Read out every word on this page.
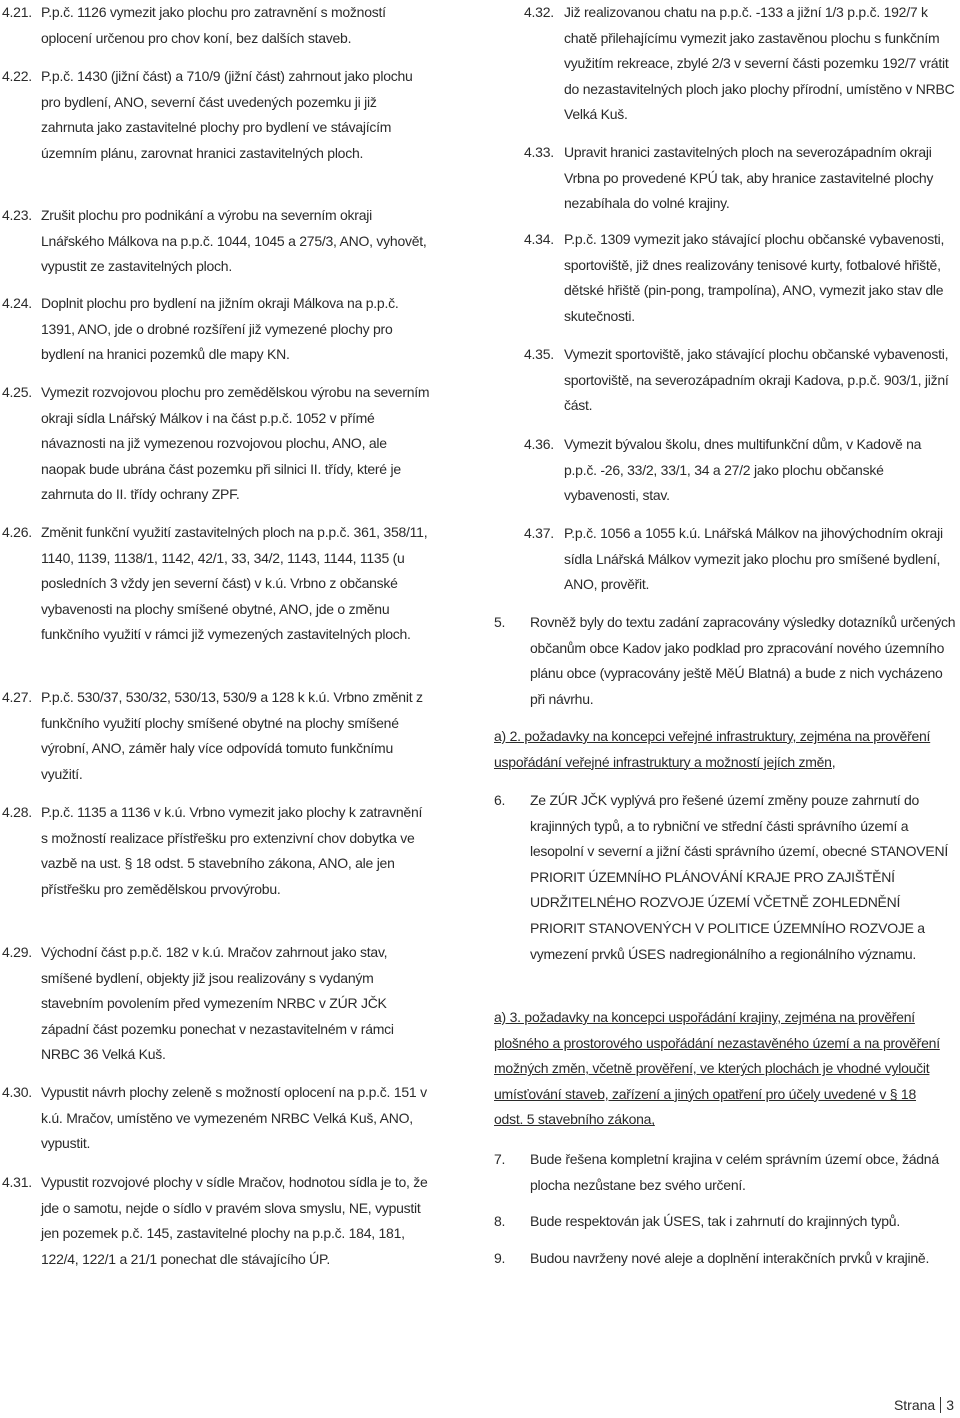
4.21. P.p.č. 1126 vymezit jako plochu pro zatravnění s možností oplocení určenou pro chov koní, bez dalších staveb.
4.22. P.p.č. 1430 (jižní část) a 710/9 (jižní část) zahrnout jako plochu pro bydlení, ANO, severní část uvedených pozemku ji již zahrnuta jako zastavitelné plochy pro bydlení ve stávajícím územním plánu, zarovnat hranici zastavitelných ploch.
4.23. Zrušit plochu pro podnikání a výrobu na severním okraji Lnářského Málkova na p.p.č. 1044, 1045 a 275/3, ANO, vyhovět, vypustit ze zastavitelných ploch.
4.24. Doplnit plochu pro bydlení na jižním okraji Málkova na p.p.č. 1391, ANO, jde o drobné rozšíření již vymezené plochy pro bydlení na hranici pozemků dle mapy KN.
4.25. Vymezit rozvojovou plochu pro zemědělskou výrobu na severním okraji sídla Lnářský Málkov i na část p.p.č. 1052 v přímé návaznosti na již vymezenou rozvojovou plochu, ANO, ale naopak bude ubrána část pozemku při silnici II. třídy, které je zahrnuta do II. třídy ochrany ZPF.
4.26. Změnit funkční využití zastavitelných ploch na p.p.č. 361, 358/11, 1140, 1139, 1138/1, 1142, 42/1, 33, 34/2, 1143, 1144, 1135 (u posledních 3 vždy jen severní část) v k.ú. Vrbno z občanské vybavenosti na plochy smíšené obytné, ANO, jde o změnu funkčního využití v rámci již vymezených zastavitelných ploch.
4.27. P.p.č. 530/37, 530/32, 530/13, 530/9 a 128 k k.ú. Vrbno změnit z funkčního využití plochy smíšené obytné na plochy smíšené výrobní, ANO, záměr haly více odpovídá tomuto funkčnímu využití.
4.28. P.p.č. 1135 a 1136 v k.ú. Vrbno vymezit jako plochy k zatravnění s možností realizace přístřešku pro extenzivní chov dobytka ve vazbě na ust. § 18 odst. 5 stavebního zákona, ANO, ale jen přístřešku pro zemědělskou prvovýrobu.
4.29. Východní část p.p.č. 182 v k.ú. Mračov zahrnout jako stav, smíšené bydlení, objekty již jsou realizovány s vydaným stavebním povolením před vymezením NRBC v ZÚR JČK západní část pozemku ponechat v nezastavitelném v rámci NRBC 36 Velká Kuš.
4.30. Vypustit návrh plochy zeleně s možností oplocení na p.p.č. 151 v k.ú. Mračov, umístěno ve vymezeném NRBC Velká Kuš, ANO, vypustit.
4.31. Vypustit rozvojové plochy v sídle Mračov, hodnotou sídla je to, že jde o samotu, nejde o sídlo v pravém slova smyslu, NE, vypustit jen pozemek p.č. 145, zastavitelné plochy na p.p.č. 184, 181, 122/4, 122/1 a 21/1 ponechat dle stávajícího ÚP.
4.32. Již realizovanou chatu na p.p.č. -133 a jižní 1/3 p.p.č. 192/7 k chatě přilehajícímu vymezit jako zastavěnou plochu s funkčním využitím rekreace, zbylé 2/3 v severní části pozemku 192/7 vrátit do nezastavitelných ploch jako plochy přírodní, umístěno v NRBC Velká Kuš.
4.33. Upravit hranici zastavitelných ploch na severozápadním okraji Vrbna po provedené KPÚ tak, aby hranice zastavitelné plochy nezabíhala do volné krajiny.
4.34. P.p.č. 1309 vymezit jako stávající plochu občanské vybavenosti, sportoviště, již dnes realizovány tenisové kurty, fotbalové hřiště, dětské hřiště (pin-pong, trampolína), ANO, vymezit jako stav dle skutečnosti.
4.35. Vymezit sportoviště, jako stávající plochu občanské vybavenosti, sportoviště, na severozápadním okraji Kadova, p.p.č. 903/1, jižní část.
4.36. Vymezit bývalou školu, dnes multifunkční dům, v Kadově na p.p.č. -26, 33/2, 33/1, 34 a 27/2 jako plochu občanské vybavenosti, stav.
4.37. P.p.č. 1056 a 1055 k.ú. Lnářská Málkov na jihovýchodním okraji sídla Lnářská Málkov vymezit jako plochu pro smíšené bydlení, ANO, prověřit.
5.	Rovněž byly do textu zadání zapracovány výsledky dotazníků určených občanům obce Kadov jako podklad pro zpracování nového územního plánu obce (vypracovány ještě MěÚ Blatná) a bude z nich vycházeno při návrhu.
a) 2. požadavky na koncepci veřejné infrastruktury, zejména na prověření uspořádání veřejné infrastruktury a možností jejích změn,
6.	Ze ZÚR JČK vyplývá pro řešené území změny pouze zahrnutí do krajinných typů, a to rybniční ve střední části správního území a lesopolní v severní a jižní části správního území, obecné STANOVENÍ PRIORIT ÚZEMNÍHO PLÁNOVÁNÍ KRAJE PRO ZAJIŠTĚNÍ UDRŽITELNÉHO ROZVOJE ÚZEMÍ VČETNĚ ZOHLEDNĚNÍ PRIORIT STANOVENÝCH V POLITICE ÚZEMNÍHO ROZVOJE a vymezení prvků ÚSES nadregionálního a regionálního významu.
a) 3. požadavky na koncepci uspořádání krajiny, zejména na prověření plošného a prostorového uspořádání nezastavěného území a na prověření možných změn, včetně prověření, ve kterých plochách je vhodné vyloučit umísťování staveb, zařízení a jiných opatření pro účely uvedené v § 18 odst. 5 stavebního zákona,
7.	Bude řešena kompletní krajina v celém správním území obce, žádná plocha nezůstane bez svého určení.
8.	Bude respektován jak ÚSES, tak i zahrnutí do krajinných typů.
9.	Budou navrženy nové aleje a doplnění interakčních prvků v krajině.
Strana 3
